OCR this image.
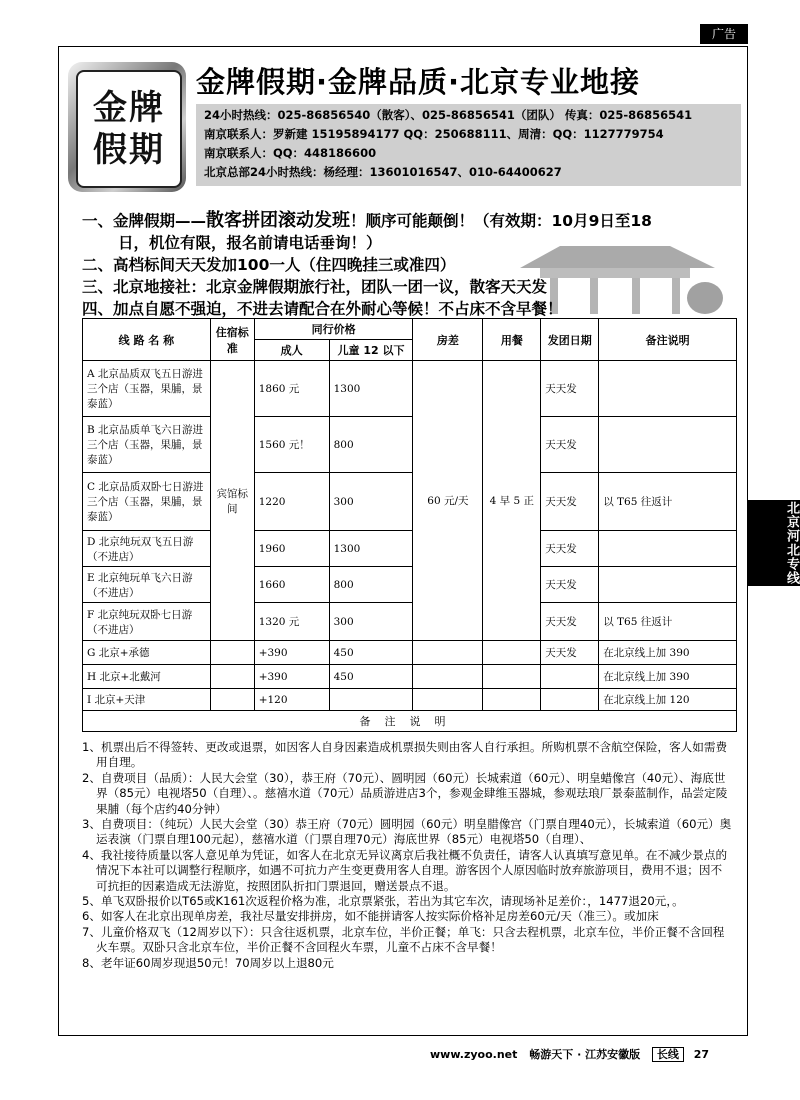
广告
金牌
假期
金牌假期·金牌品质·北京专业地接
24小时热线：025-86856540（散客）、025-86856541（团队） 传真：025-86856541
南京联系人：罗新建 15195894177 QQ：250688111、周清：QQ：1127779754
南京联系人：QQ：448186600
北京总部24小时热线：杨经理：13601016547、010-64400627
一、金牌假期——散客拼团滚动发班！顺序可能颠倒！（有效期：10月9日至18
日，机位有限，报名前请电话垂询！）
二、高档标间天天发加100一人（住四晚挂三或准四）
三、北京地接社：北京金牌假期旅行社，团队一团一议，散客天天发
四、加点自愿不强迫，不进去请配合在外耐心等候！不占床不含早餐！
线 路 名 称	住宿标准	同行价格		房差	用餐	发团日期	备注说明
		成人	儿童 12 以下				
A 北京品质双飞五日游进三个店（玉器，果脯，景泰蓝）	宾馆标间	1860 元	1300	60 元/天	4 早 5 正	天天发	
B 北京品质单飞六日游进三个店（玉器，果脯，景泰蓝）		1560 元！	800			天天发	
C 北京品质双卧七日游进三个店（玉器，果脯，景泰蓝）		1220	300			天天发	以 T65 往返计
D 北京纯玩双飞五日游（不进店）		1960	1300			天天发	
E 北京纯玩单飞六日游（不进店）		1660	800			天天发	
F 北京纯玩双卧七日游（不进店）		1320 元	300			天天发	以 T65 往返计
G 北京+承德		+390	450			天天发	在北京线上加 390
H 北京+北戴河		+390	450				在北京线上加 390
I 北京+天津		+120					在北京线上加 120
备注说明							
1、机票出后不得签转、更改或退票，如因客人自身因素造成机票损失则由客人自行承担。所购机票不含航空保险，客人如需费用自理。
2、自费项目（品质）：人民大会堂（30），恭王府（70元）、圆明园（60元）长城索道（60元）、明皇蜡像宫（40元）、海底世界（85元）电视塔50（自理）、。慈禧水道（70元）品质游进店3个，参观金肆维玉器城，参观珐琅厂景泰蓝制作，品尝定陵果脯（每个店约40分钟）
3、自费项目：（纯玩）人民大会堂（30）恭王府（70元）圆明园（60元）明皇腊像宫（门票自理40元），长城索道（60元）奥运表演（门票自理100元起），慈禧水道（门票自理70元）海底世界（85元）电视塔50（自理）、
4、我社接待质量以客人意见单为凭证，如客人在北京无异议离京后我社概不负责任，请客人认真填写意见单。在不减少景点的情况下本社可以调整行程顺序，如遇不可抗力产生变更费用客人自理。游客因个人原因临时放弃旅游项目，费用不退；因不可抗拒的因素造成无法游览，按照团队折扣门票退回，赠送景点不退。
5、单飞双卧报价以T65或K161次返程价格为准，北京票紧张，若出为其它车次，请现场补足差价：，1477退20元，。
6、如客人在北京出现单房差，我社尽量安排拼房，如不能拼请客人按实际价格补足房差60元/天（准三）。或加床
7、儿童价格双飞（12周岁以下）：只含往返机票，北京车位，半价正餐；单飞：只含去程机票，北京车位，半价正餐不含回程火车票。双卧只含北京车位，半价正餐不含回程火车票，儿童不占床不含早餐！
8、老年证60周岁现退50元！70周岁以上退80元
北京河北专线
www.zyoo.net 畅游天下 · 江苏安徽版 长线 27
